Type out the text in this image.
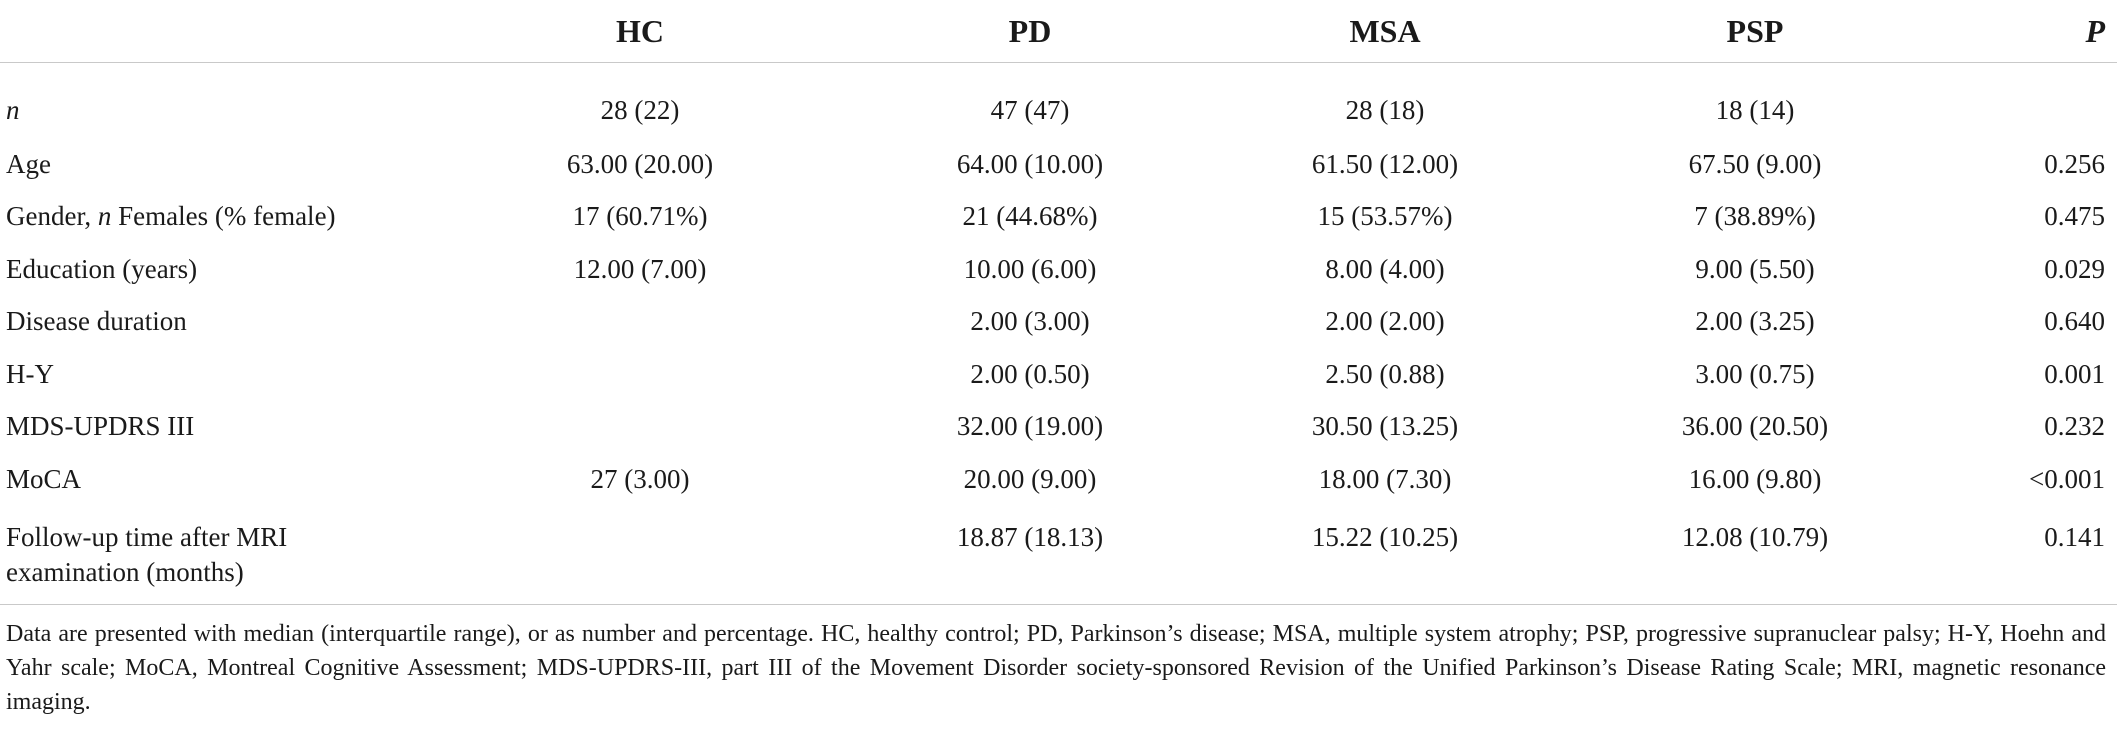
	HC	PD	MSA	PSP	P
n	28 (22)	47 (47)	28 (18)	18 (14)	
Age	63.00 (20.00)	64.00 (10.00)	61.50 (12.00)	67.50 (9.00)	0.256
Gender, n Females (% female)	17 (60.71%)	21 (44.68%)	15 (53.57%)	7 (38.89%)	0.475
Education (years)	12.00 (7.00)	10.00 (6.00)	8.00 (4.00)	9.00 (5.50)	0.029
Disease duration		2.00 (3.00)	2.00 (2.00)	2.00 (3.25)	0.640
H-Y		2.00 (0.50)	2.50 (0.88)	3.00 (0.75)	0.001
MDS-UPDRS III		32.00 (19.00)	30.50 (13.25)	36.00 (20.50)	0.232
MoCA	27 (3.00)	20.00 (9.00)	18.00 (7.30)	16.00 (9.80)	<0.001
Follow-up time after MRI examination (months)		18.87 (18.13)	15.22 (10.25)	12.08 (10.79)	0.141
Data are presented with median (interquartile range), or as number and percentage. HC, healthy control; PD, Parkinson’s disease; MSA, multiple system atrophy; PSP, progressive supranuclear palsy; H-Y, Hoehn and Yahr scale; MoCA, Montreal Cognitive Assessment; MDS-UPDRS-III, part III of the Movement Disorder society-sponsored Revision of the Unified Parkinson’s Disease Rating Scale; MRI, magnetic resonance imaging.
